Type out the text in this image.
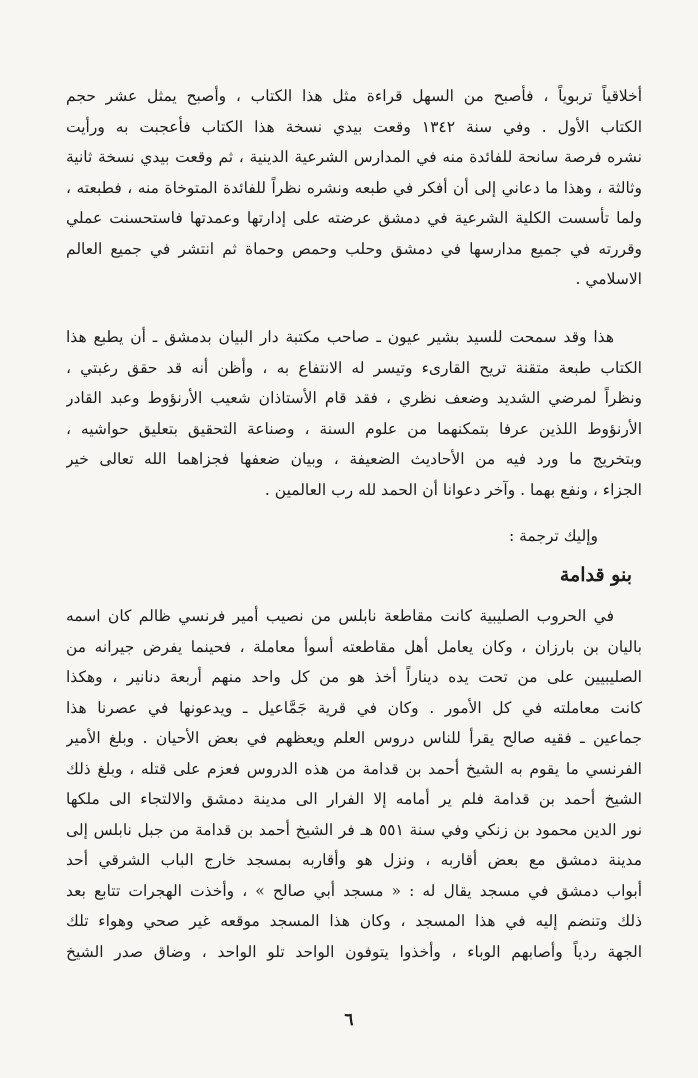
أخلاقياً تربوياً ، فأصبح من السهل قراءة مثل هذا الكتاب ، وأصبح يمثل عشر حجم
الكتاب الأول . وفي سنة ١٣٤٢ وقعت بيدي نسخة هذا الكتاب فأعجبت به ورأيت
نشره فرصة سانحة للفائدة منه في المدارس الشرعية الدينية ، ثم وقعت بيدي نسخة ثانية
وثالثة ، وهذا ما دعاني إلى أن أفكر في طبعه ونشره نظراً للفائدة المتوخاة منه ، فطبعته ،
ولما تأسست الكلية الشرعية في دمشق عرضته على إدارتها وعمدتها فاستحسنت عملي
وقررته في جميع مدارسها في دمشق وحلب وحمص وحماة ثم انتشر في جميع العالم
الاسلامي .
هذا وقد سمحت للسيد بشير عيون ـ صاحب مكتبة دار البيان بدمشق ـ أن يطبع هذا
الكتاب طبعة متقنة تريح القارىء وتيسر له الانتفاع به ، وأظن أنه قد حقق رغبتي ،
ونظراً لمرضي الشديد وضعف نظري ، فقد قام الأستاذان شعيب الأرنؤوط وعبد القادر
الأرنؤوط اللذين عرفا بتمكنهما من علوم السنة ، وصناعة التحقيق بتعليق حواشيه ،
وبتخريج ما ورد فيه من الأحاديث الضعيفة ، وبيان ضعفها فجزاهما الله تعالى خير
الجزاء ، ونفع بهما . وآخر دعوانا أن الحمد لله رب العالمين .
وإليك ترجمة :
بنو قدامة
في الحروب الصليبية كانت مقاطعة نابلس من نصيب أمير فرنسي ظالم كان اسمه
باليان بن بارزان ، وكان يعامل أهل مقاطعته أسوأ معاملة ، فحينما يفرض جيرانه من
الصليبيين على من تحت يده ديناراً أخذ هو من كل واحد منهم أربعة دنانير ، وهكذا
كانت معاملته في كل الأمور . وكان في قرية جَمَّاعيل ـ ويدعونها في عصرنا هذا
جماعين ـ فقيه صالح يقرأ للناس دروس العلم ويعظهم في بعض الأحيان . وبلغ الأمير
الفرنسي ما يقوم به الشيخ أحمد بن قدامة من هذه الدروس فعزم على قتله ، وبلغ ذلك
الشيخ أحمد بن قدامة فلم ير أمامه إلا الفرار الى مدينة دمشق والالتجاء الى ملكها
نور الدين محمود بن زنكي وفي سنة ٥٥١ هـ فر الشيخ أحمد بن قدامة من جبل نابلس إلى
مدينة دمشق مع بعض أقاربه ، ونزل هو وأقاربه بمسجد خارج الباب الشرقي أحد
أبواب دمشق في مسجد يقال له : « مسجد أبي صالح » ، وأخذت الهجرات تتابع بعد
ذلك وتنضم إليه في هذا المسجد ، وكان هذا المسجد موقعه غير صحي وهواء تلك
الجهة ردياً وأصابهم الوباء ، وأخذوا يتوفون الواحد تلو الواحد ، وضاق صدر الشيخ
٦
